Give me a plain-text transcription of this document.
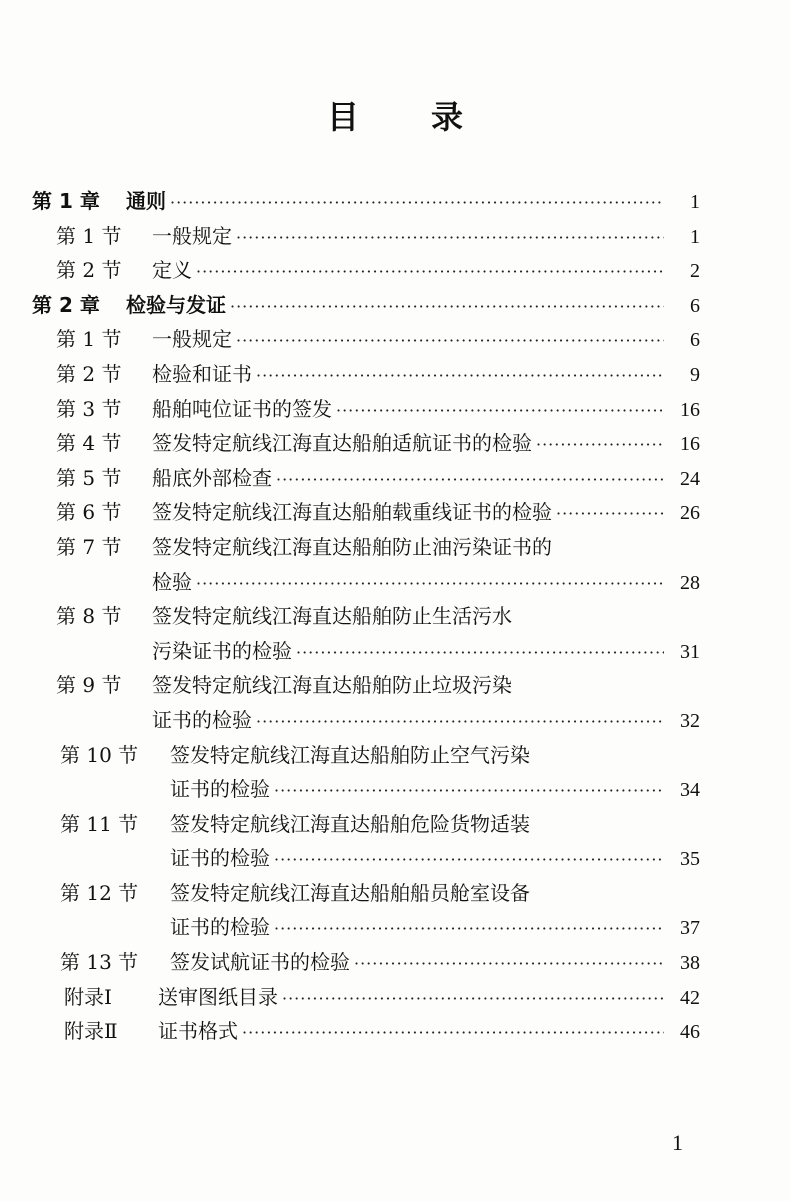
目 录
第 1 章 通则 ·····	1
第 1 节 一般规定 ·····	1
第 2 节 定义 ·····	2
第 2 章 检验与发证 ·····	6
第 1 节 一般规定 ·····	6
第 2 节 检验和证书 ·····	9
第 3 节 船舶吨位证书的签发 ·····	16
第 4 节 签发特定航线江海直达船舶适航证书的检验 ·····	16
第 5 节 船底外部检查 ·····	24
第 6 节 签发特定航线江海直达船舶载重线证书的检验 ·····	26
第 7 节 签发特定航线江海直达船舶防止油污染证书的
检验 ·····	28
第 8 节 签发特定航线江海直达船舶防止生活污水
污染证书的检验 ·····	31
第 9 节 签发特定航线江海直达船舶防止垃圾污染
证书的检验 ·····	32
第 10 节 签发特定航线江海直达船舶防止空气污染
证书的检验 ·····	34
第 11 节 签发特定航线江海直达船舶危险货物适装
证书的检验 ·····	35
第 12 节 签发特定航线江海直达船舶船员舱室设备
证书的检验 ·····	37
第 13 节 签发试航证书的检验 ·····	38
附录Ⅰ 送审图纸目录 ·····	42
附录Ⅱ 证书格式 ·····	46
1
